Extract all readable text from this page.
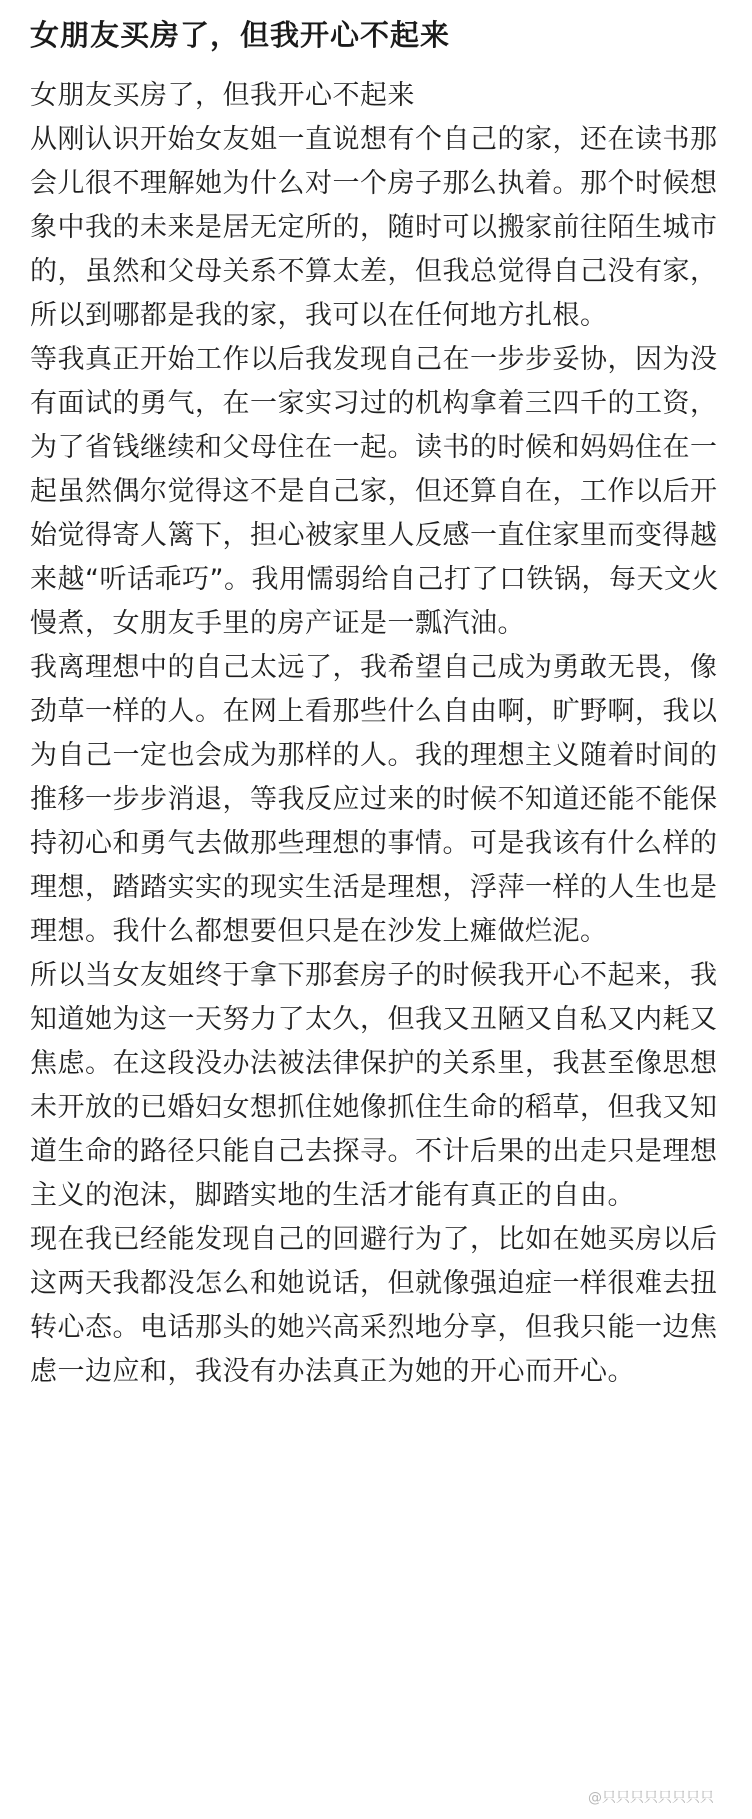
女朋友买房了，但我开心不起来

女朋友买房了，但我开心不起来

从刚认识开始女友姐一直说想有个自己的家，还在读书那会儿很不理解她为什么对一个房子那么执着。那个时候想象中我的未来是居无定所的，随时可以搬家前往陌生城市的，虽然和父母关系不算太差，但我总觉得自己没有家，所以到哪都是我的家，我可以在任何地方扎根。

等我真正开始工作以后我发现自己在一步步妥协，因为没有面试的勇气，在一家实习过的机构拿着三四千的工资，为了省钱继续和父母住在一起。读书的时候和妈妈住在一起虽然偶尔觉得这不是自己家，但还算自在，工作以后开始觉得寄人篱下，担心被家里人反感一直住家里而变得越来越“听话乖巧”。我用懦弱给自己打了口铁锅，每天文火慢煮，女朋友手里的房产证是一瓢汽油。

我离理想中的自己太远了，我希望自己成为勇敢无畏，像劲草一样的人。在网上看那些什么自由啊，旷野啊，我以为自己一定也会成为那样的人。我的理想主义随着时间的推移一步步消退，等我反应过来的时候不知道还能不能保持初心和勇气去做那些理想的事情。可是我该有什么样的理想，踏踏实实的现实生活是理想，浮萍一样的人生也是理想。我什么都想要但只是在沙发上瘫做烂泥。

所以当女友姐终于拿下那套房子的时候我开心不起来，我知道她为这一天努力了太久，但我又丑陋又自私又内耗又焦虑。在这段没办法被法律保护的关系里，我甚至像思想未开放的已婚妇女想抓住她像抓住生命的稻草，但我又知道生命的路径只能自己去探寻。不计后果的出走只是理想主义的泡沫，脚踏实地的生活才能有真正的自由。

现在我已经能发现自己的回避行为了，比如在她买房以后这两天我都没怎么和她说话，但就像强迫症一样很难去扭转心态。电话那头的她兴高采烈地分享，但我只能一边焦虑一边应和，我没有办法真正为她的开心而开心。

@只只只只只只只只
